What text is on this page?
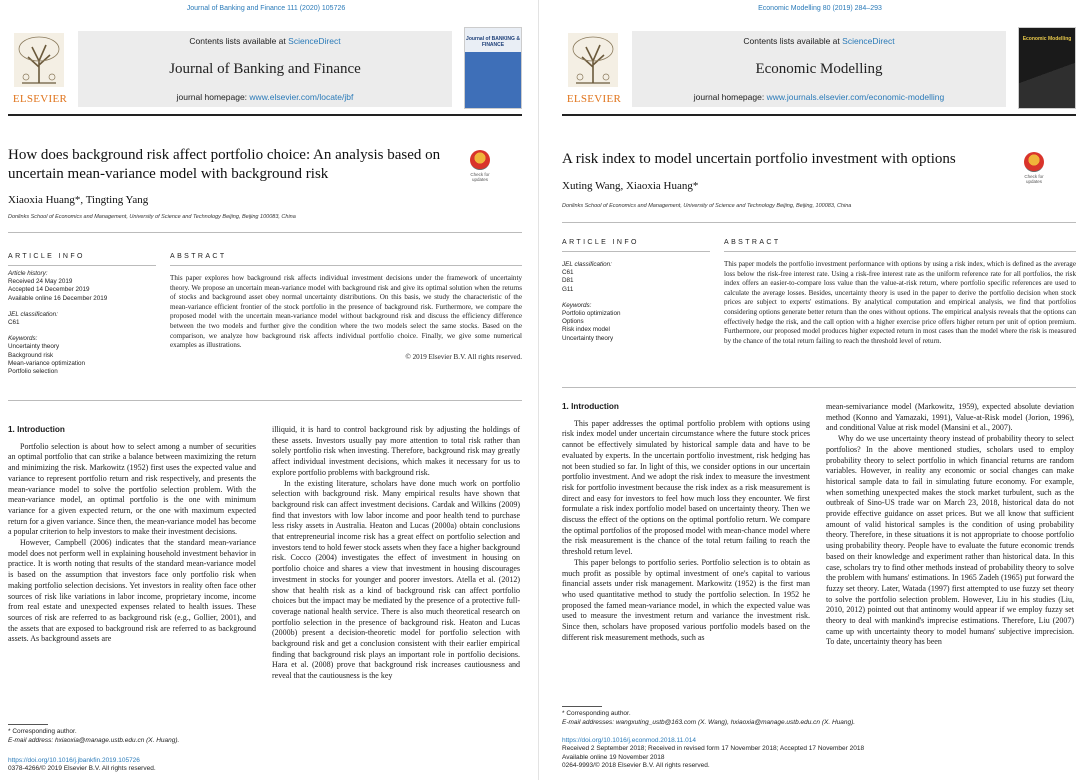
Journal of Banking and Finance 111 (2020) 105726
ELSEVIER
Contents lists available at ScienceDirect
Journal of Banking and Finance
journal homepage: www.elsevier.com/locate/jbf
Journal of BANKING & FINANCE
How does background risk affect portfolio choice: An analysis based on uncertain mean-variance model with background risk	Check for updates
Xiaoxia Huang*, Tingting Yang
Donlinks School of Economics and Management, University of Science and Technology Beijing, Beijing 100083, China
ARTICLE INFO	ABSTRACT
Article history:
Received 24 May 2019
Accepted 14 December 2019
Available online 16 December 2019
JEL classification:
C61
Keywords:
Uncertainty theory
Background risk
Mean-variance optimization
Portfolio selection
This paper explores how background risk affects individual investment decisions under the framework of uncertainty theory. We propose an uncertain mean-variance model with background risk and give its optimal solution when the returns of stocks and background asset obey normal uncertainty distributions. On this basis, we study the characteristic of the mean-variance efficient frontier of the stock portfolio in the presence of background risk. Furthermore, we compare the proposed model with the uncertain mean-variance model without background risk and discuss the efficiency difference between the two models and further give the condition where the two models select the same stocks. Based on the comparison, we analyze how background risk affects individual portfolio choice. Finally, we give some numerical examples as illustrations.
© 2019 Elsevier B.V. All rights reserved.
1. Introduction

Portfolio selection is about how to select among a number of securities an optimal portfolio that can strike a balance between maximizing the return and minimizing the risk. Markowitz (1952) first uses the expected value and variance to represent portfolio return and risk respectively, and presents the mean-variance model to solve the portfolio selection problem. With the mean-variance model, an optimal portfolio is the one with minimum variance for a given expected return, or the one with maximum expected return for a given variance. Since then, the mean-variance model has become a popular criterion to help investors to make their investment decisions.

However, Campbell (2006) indicates that the standard mean-variance model does not perform well in explaining household investment behavior in practice. It is worth noting that results of the standard mean-variance model is based on the assumption that investors face only portfolio risk when making portfolio selection decisions. Yet investors in reality often face other sources of risk like variations in labor income, proprietary income, income from real estate and unexpected expenses related to health issues. These sources of risk are referred to as background risk (e.g., Gollier, 2001), and the assets that are exposed to background risk are referred to as background assets. As background assets are

illiquid, it is hard to control background risk by adjusting the holdings of these assets. Investors usually pay more attention to total risk rather than solely portfolio risk when investing. Therefore, background risk may greatly affect individual investment decisions, which makes it necessary for us to explore portfolio problems with background risk.

In the existing literature, scholars have done much work on portfolio selection with background risk. Many empirical results have shown that background risk can affect investment decisions. Cardak and Wilkins (2009) find that investors with low labor income and poor health tend to purchase less risky assets in Australia. Heaton and Lucas (2000a) obtain conclusions that entrepreneurial income risk has a great effect on portfolio selection and investors tend to hold fewer stock assets when they face a higher background risk. Cocco (2004) investigates the effect of investment in housing on portfolio choice and shares a view that investment in housing discourages investment in stocks for younger and poorer investors. Atella et al. (2012) show that health risk as a kind of background risk can affect portfolio choices but the impact may be mediated by the presence of a protective full-coverage national health service. There is also much theoretical research on portfolio selection in the presence of background risk. Heaton and Lucas (2000b) present a decision-theoretic model for portfolio selection with background risk and get a conclusion consistent with their earlier empirical finding that background risk plays an important role in portfolio decisions. Hara et al. (2008) prove that background risk increases cautiousness and reveal that the cautiousness is the key

* Corresponding author.
E-mail address: hxiaoxia@manage.ustb.edu.cn (X. Huang).
https://doi.org/10.1016/j.jbankfin.2019.105726
0378-4266/© 2019 Elsevier B.V. All rights reserved.
Economic Modelling 80 (2019) 284–293
ELSEVIER
Contents lists available at ScienceDirect
Economic Modelling
journal homepage: www.journals.elsevier.com/economic-modelling
Economic Modelling
A risk index to model uncertain portfolio investment with options
Check for updates
Xuting Wang, Xiaoxia Huang*
Donlinks School of Economics and Management, University of Science and Technology Beijing, Beijing, 100083, China
ARTICLE INFO	ABSTRACT
JEL classification:
C61
D81
G11
Keywords:
Portfolio optimization
Options
Risk index model
Uncertainty theory
This paper models the portfolio investment performance with options by using a risk index, which is defined as the average loss below the risk-free interest rate. Using a risk-free interest rate as the uniform reference rate for all portfolios, the risk index offers an easier-to-compare loss value than the value-at-risk return, where portfolio specific references are used to calculate the average losses. Besides, uncertainty theory is used in the paper to derive the portfolio decision when stock prices are subject to experts' estimations. By analytical computation and empirical analysis, we find that portfolios considering options generate better return than the ones without options. The empirical analysis reveals that the options can effectively hedge the risk, and the call option with a higher exercise price offers higher return per unit of option premium. Furthermore, our proposed model produces higher expected return in most cases than the model where the risk is measured by the chance of the total return failing to reach the threshold level of return.
1. Introduction

This paper addresses the optimal portfolio problem with options using risk index model under uncertain circumstance where the future stock prices cannot be effectively simulated by historical sample data and have to be evaluated by experts. In the uncertain portfolio investment, risk hedging has not been studied so far. In light of this, we consider options in our uncertain portfolio investment. And we adopt the risk index to measure the investment risk for portfolio investment because the risk index as a risk measurement is direct and easy for investors to feel how much loss they encounter. We first formulate a risk index portfolio model based on uncertainty theory. Then we discuss the effect of the options on the optimal portfolio return. We compare the optimal portfolios of the proposed model with mean-chance model where the risk measurement is the chance of the total return failing to reach the threshold return level.

This paper belongs to portfolio series. Portfolio selection is to obtain as much profit as possible by optimal investment of one's capital to various financial assets under risk management. Markowitz (1952) is the first man who used quantitative method to study the portfolio selection. In 1952 he proposed the famed mean-variance model, in which the expected value was used to measure the investment return and variance the investment risk. Since then, scholars have proposed various portfolio models based on the different risk measurement methods, such as

mean-semivariance model (Markowitz, 1959), expected absolute deviation method (Konno and Yamazaki, 1991), Value-at-Risk model (Jorion, 1996), and conditional Value at risk model (Mansini et al., 2007).

Why do we use uncertainty theory instead of probability theory to select portfolios? In the above mentioned studies, scholars used to employ probability theory to select portfolio in which financial returns are random variables. However, in reality any economic or social changes can make historical sample data to fail in simulating future economy. For example, when something unexpected makes the stock market turbulent, such as the outbreak of Sino-US trade war on March 23, 2018, historical data do not provide effective guidance on asset prices. But we all know that sufficient amount of valid historical samples is the condition of using probability theory. Therefore, in these situations it is not appropriate to choose portfolio using probability theory. People have to evaluate the future economic trends based on their knowledge and experiment rather than historical data. In this case, scholars try to find other methods instead of probability theory to solve the problem with humans' estimations. In 1965 Zadeh (1965) put forward the fuzzy set theory. Later, Watada (1997) first attempted to use fuzzy set theory to solve the portfolio selection problem. However, Liu in his studies (Liu, 2010, 2012) pointed out that antinomy would appear if we employ fuzzy set theory to deal with mankind's imprecise estimations. Therefore, Liu (2007) came up with uncertainty theory to model humans' subjective imprecision. To date, uncertainty theory has been

* Corresponding author.
E-mail addresses: wangxuting_ustb@163.com (X. Wang), hxiaoxia@manage.ustb.edu.cn (X. Huang).
https://doi.org/10.1016/j.econmod.2018.11.014
Received 2 September 2018; Received in revised form 17 November 2018; Accepted 17 November 2018
Available online 19 November 2018
0264-9993/© 2018 Elsevier B.V. All rights reserved.
